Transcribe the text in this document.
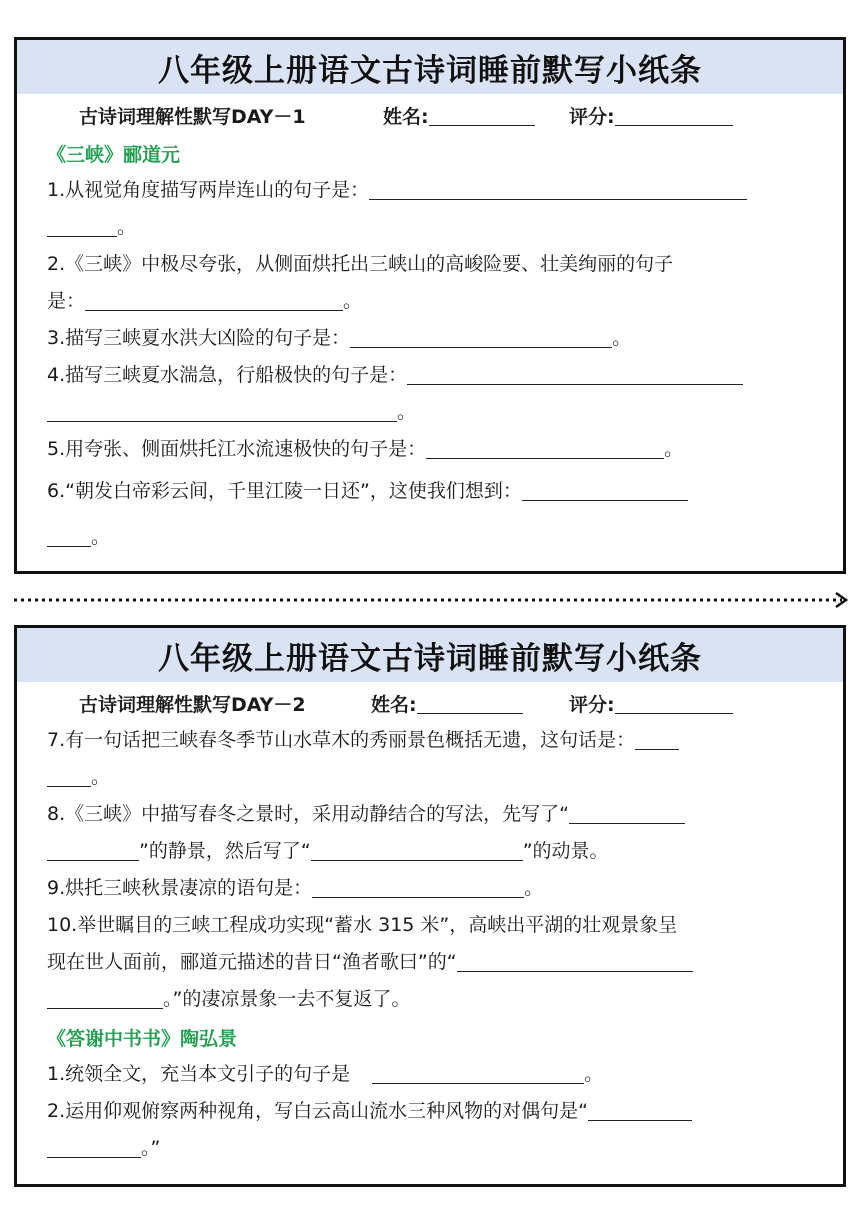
八年级上册语文古诗词睡前默写小纸条
古诗词理解性默写DAY－1	姓名:	评分:
《三峡》郦道元
1.从视觉角度描写两岸连山的句子是：
。
2.《三峡》中极尽夸张，从侧面烘托出三峡山的高峻险要、壮美绚丽的句子
是：	。
3.描写三峡夏水洪大凶险的句子是：	。
4.描写三峡夏水湍急，行船极快的句子是：
。
5.用夸张、侧面烘托江水流速极快的句子是：	。
6.“朝发白帝彩云间，千里江陵一日还”，这使我们想到：
。
八年级上册语文古诗词睡前默写小纸条
古诗词理解性默写DAY－2	姓名:	评分:
7.有一句话把三峡春冬季节山水草木的秀丽景色概括无遗，这句话是：
。
8.《三峡》中描写春冬之景时，采用动静结合的写法，先写了“
”的静景，然后写了“	”的动景。
9.烘托三峡秋景凄凉的语句是：	。
10.举世瞩目的三峡工程成功实现“蓄水 315 米”，高峡出平湖的壮观景象呈
现在世人面前，郦道元描述的昔日“渔者歌曰”的“
。”的凄凉景象一去不复返了。
《答谢中书书》陶弘景
1.统领全文，充当本文引子的句子是	。
2.运用仰观俯察两种视角，写白云高山流水三种风物的对偶句是“
。”
